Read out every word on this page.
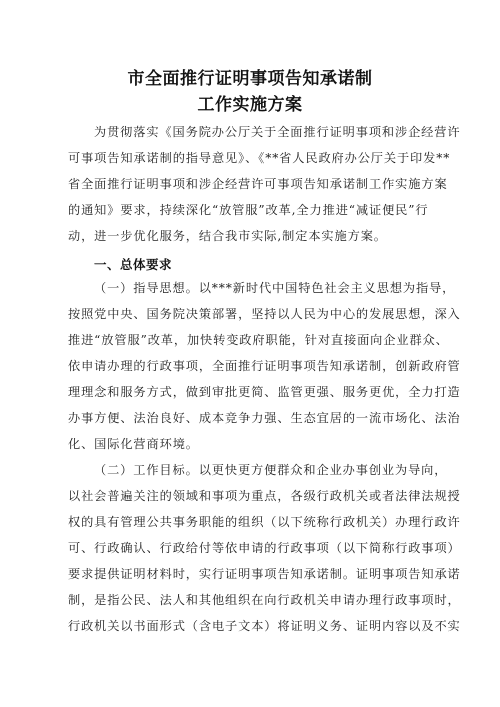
市全面推行证明事项告知承诺制
工作实施方案
为贯彻落实《国务院办公厅关于全面推行证明事项和涉企经营许
可事项告知承诺制的指导意见》、《**省人民政府办公厅关于印发**
省全面推行证明事项和涉企经营许可事项告知承诺制工作实施方案
的通知》要求，持续深化“放管服”改革,全力推进“减证便民”行
动，进一步优化服务，结合我市实际,制定本实施方案。
一、总体要求
（一）指导思想。以***新时代中国特色社会主义思想为指导，
按照党中央、国务院决策部署，坚持以人民为中心的发展思想，深入
推进“放管服”改革，加快转变政府职能，针对直接面向企业群众、
依申请办理的行政事项，全面推行证明事项告知承诺制，创新政府管
理理念和服务方式，做到审批更简、监管更强、服务更优，全力打造
办事方便、法治良好、成本竞争力强、生态宜居的一流市场化、法治
化、国际化营商环境。
（二）工作目标。以更快更方便群众和企业办事创业为导向，
以社会普遍关注的领域和事项为重点，各级行政机关或者法律法规授
权的具有管理公共事务职能的组织（以下统称行政机关）办理行政许
可、行政确认、行政给付等依申请的行政事项（以下简称行政事项）
要求提供证明材料时，实行证明事项告知承诺制。证明事项告知承诺
制，是指公民、法人和其他组织在向行政机关申请办理行政事项时，
行政机关以书面形式（含电子文本）将证明义务、证明内容以及不实
